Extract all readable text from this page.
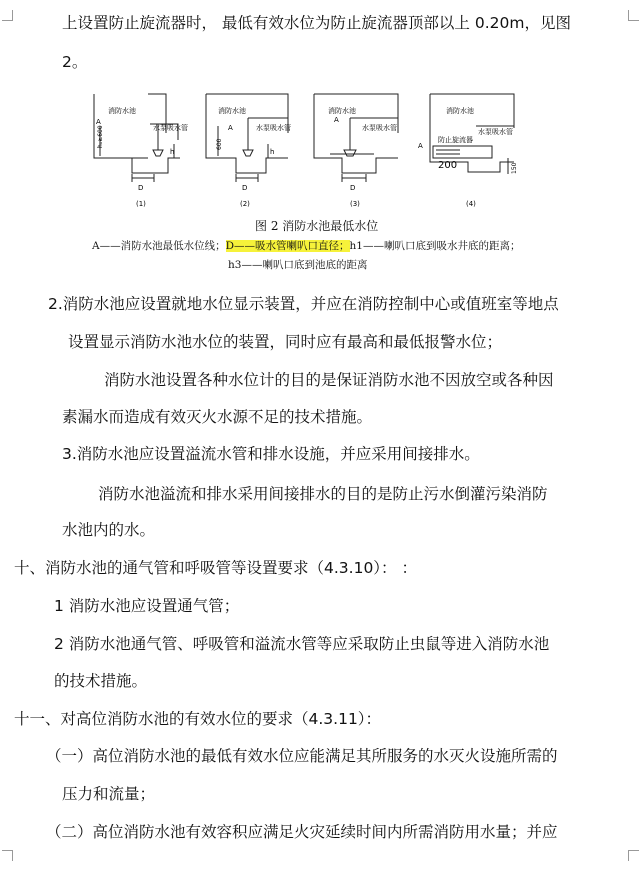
上设置防止旋流器时， 最低有效水位为防止旋流器顶部以上 0.20m，见图
2。
消防水池
水泵吸水管
A
h₁≥600
D
h
(1)
消防水池
水泵吸水管
A
600
D
h
(2)
消防水池
水泵吸水管
A
D
(3)
消防水池
水泵吸水管
A
防止旋流器
200	150
(4)
图 2 消防水池最低水位
A——消防水池最低水位线；D——吸水管喇叭口直径；h1——喇叭口底到吸水井底的距离；
h3——喇叭口底到池底的距离
2.消防水池应设置就地水位显示装置，并应在消防控制中心或值班室等地点
设置显示消防水池水位的装置，同时应有最高和最低报警水位；
消防水池设置各种水位计的目的是保证消防水池不因放空或各种因
素漏水而造成有效灭火水源不足的技术措施。
3.消防水池应设置溢流水管和排水设施，并应采用间接排水。
消防水池溢流和排水采用间接排水的目的是防止污水倒灌污染消防
水池内的水。
十、消防水池的通气管和呼吸管等设置要求（4.3.10）： ：
1 消防水池应设置通气管；
2 消防水池通气管、呼吸管和溢流水管等应采取防止虫鼠等进入消防水池
的技术措施。
十一、对高位消防水池的有效水位的要求（4.3.11）：
（一）高位消防水池的最低有效水位应能满足其所服务的水灭火设施所需的
压力和流量；
（二）高位消防水池有效容积应满足火灾延续时间内所需消防用水量；并应
